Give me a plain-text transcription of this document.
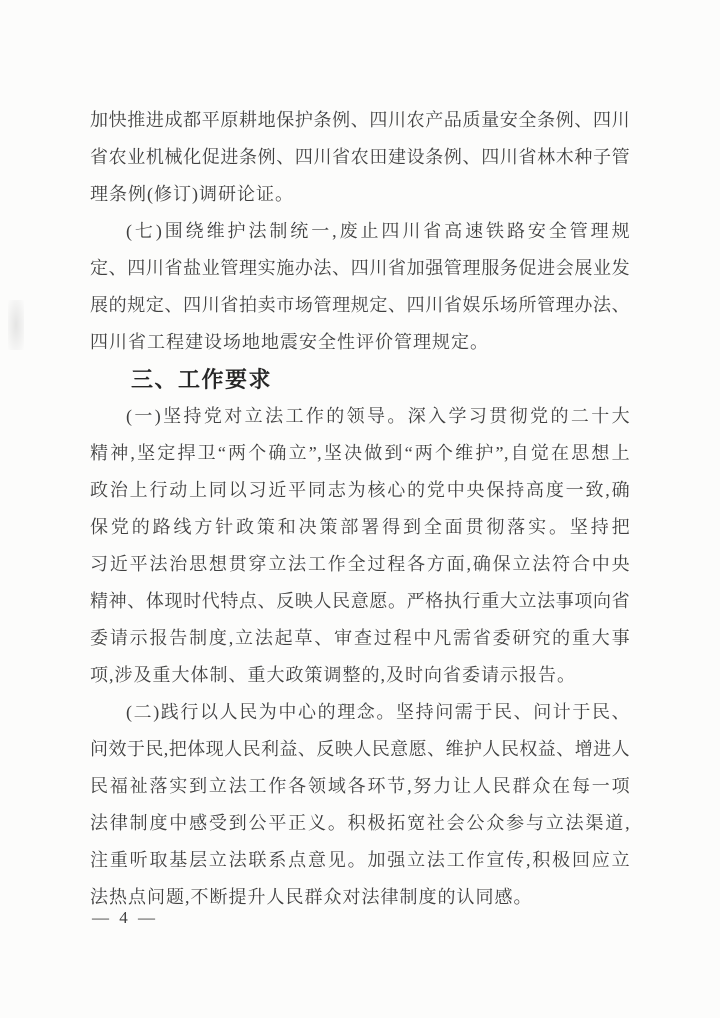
加快推进成都平原耕地保护条例、四川农产品质量安全条例、四川
省农业机械化促进条例、四川省农田建设条例、四川省林木种子管
理条例(修订)调研论证。
(七)围绕维护法制统一,废止四川省高速铁路安全管理规
定、四川省盐业管理实施办法、四川省加强管理服务促进会展业发
展的规定、四川省拍卖市场管理规定、四川省娱乐场所管理办法、
四川省工程建设场地地震安全性评价管理规定。
三、工作要求
(一)坚持党对立法工作的领导。深入学习贯彻党的二十大
精神,坚定捍卫“两个确立”,坚决做到“两个维护”,自觉在思想上
政治上行动上同以习近平同志为核心的党中央保持高度一致,确
保党的路线方针政策和决策部署得到全面贯彻落实。坚持把
习近平法治思想贯穿立法工作全过程各方面,确保立法符合中央
精神、体现时代特点、反映人民意愿。严格执行重大立法事项向省
委请示报告制度,立法起草、审查过程中凡需省委研究的重大事
项,涉及重大体制、重大政策调整的,及时向省委请示报告。
(二)践行以人民为中心的理念。坚持问需于民、问计于民、
问效于民,把体现人民利益、反映人民意愿、维护人民权益、增进人
民福祉落实到立法工作各领域各环节,努力让人民群众在每一项
法律制度中感受到公平正义。积极拓宽社会公众参与立法渠道,
注重听取基层立法联系点意见。加强立法工作宣传,积极回应立
法热点问题,不断提升人民群众对法律制度的认同感。
— 4 —
